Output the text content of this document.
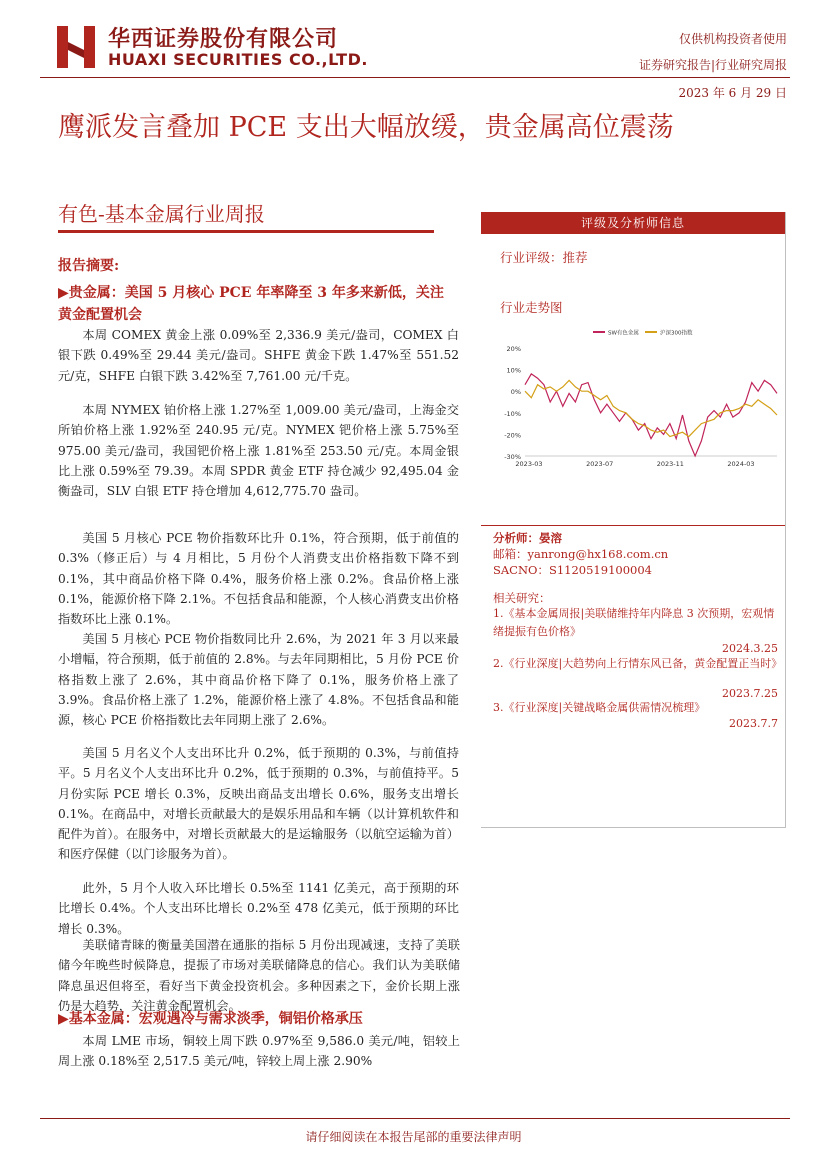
华西证券股份有限公司
HUAXI SECURITIES CO.,LTD.
仅供机构投资者使用
证券研究报告|行业研究周报
2023 年 6 月 29 日
鹰派发言叠加 PCE 支出大幅放缓，贵金属高位震荡
有色-基本金属行业周报
报告摘要:
▶贵金属：美国 5 月核心 PCE 年率降至 3 年多来新低，关注黄金配置机会

本周 COMEX 黄金上涨 0.09%至 2,336.9 美元/盎司，COMEX 白银下跌 0.49%至 29.44 美元/盎司。SHFE 黄金下跌 1.47%至 551.52 元/克，SHFE 白银下跌 3.42%至 7,761.00 元/千克。

本周 NYMEX 铂价格上涨 1.27%至 1,009.00 美元/盎司，上海金交所铂价格上涨 1.92%至 240.95 元/克。NYMEX 钯价格上涨 5.75%至 975.00 美元/盎司，我国钯价格上涨 1.81%至 253.50 元/克。本周金银比上涨 0.59%至 79.39。本周 SPDR 黄金 ETF 持仓减少 92,495.04 金衡盎司，SLV 白银 ETF 持仓增加 4,612,775.70 盎司。

美国 5 月核心 PCE 物价指数环比升 0.1%，符合预期，低于前值的 0.3%（修正后）与 4 月相比，5 月份个人消费支出价格指数下降不到 0.1%，其中商品价格下降 0.4%，服务价格上涨 0.2%。食品价格上涨 0.1%，能源价格下降 2.1%。不包括食品和能源，个人核心消费支出价格指数环比上涨 0.1%。

美国 5 月核心 PCE 物价指数同比升 2.6%，为 2021 年 3 月以来最小增幅，符合预期，低于前值的 2.8%。与去年同期相比，5 月份 PCE 价格指数上涨了 2.6%，其中商品价格下降了 0.1%，服务价格上涨了 3.9%。食品价格上涨了 1.2%，能源价格上涨了 4.8%。不包括食品和能源，核心 PCE 价格指数比去年同期上涨了 2.6%。

美国 5 月名义个人支出环比升 0.2%，低于预期的 0.3%，与前值持平。5 月名义个人支出环比升 0.2%，低于预期的 0.3%，与前值持平。5 月份实际 PCE 增长 0.3%，反映出商品支出增长 0.6%，服务支出增长 0.1%。在商品中，对增长贡献最大的是娱乐用品和车辆（以计算机软件和配件为首）。在服务中，对增长贡献最大的是运输服务（以航空运输为首）和医疗保健（以门诊服务为首）。

此外，5 月个人收入环比增长 0.5%至 1141 亿美元，高于预期的环比增长 0.4%。个人支出环比增长 0.2%至 478 亿美元，低于预期的环比增长 0.3%。

美联储青睐的衡量美国潜在通胀的指标 5 月份出现减速，支持了美联储今年晚些时候降息，提振了市场对美联储降息的信心。我们认为美联储降息虽迟但将至，看好当下黄金投资机会。多种因素之下，金价长期上涨仍是大趋势，关注黄金配置机会。

▶基本金属：宏观遇冷与需求淡季，铜铝价格承压

本周 LME 市场，铜较上周下跌 0.97%至 9,586.0 美元/吨，铝较上周上涨 0.18%至 2,517.5 美元/吨，锌较上周上涨 2.90%

评级及分析师信息
行业评级：推荐
行业走势图
20%
10%
0%
-10%
-20%
-30%
2023-03	2023-07	2023-11	2024-03
SW有色金属	沪深300指数
分析师：晏溶
邮箱：yanrong@hx168.com.cn
SACNO：S1120519100004
相关研究：
1.《基本金属周报|美联储维持年内降息 3 次预期，宏观情绪提振有色价格》
2024.3.25
2.《行业深度|大趋势向上行情东风已备，黄金配置正当时》
2023.7.25
3.《行业深度|关键战略金属供需情况梳理》
2023.7.7
请仔细阅读在本报告尾部的重要法律声明
